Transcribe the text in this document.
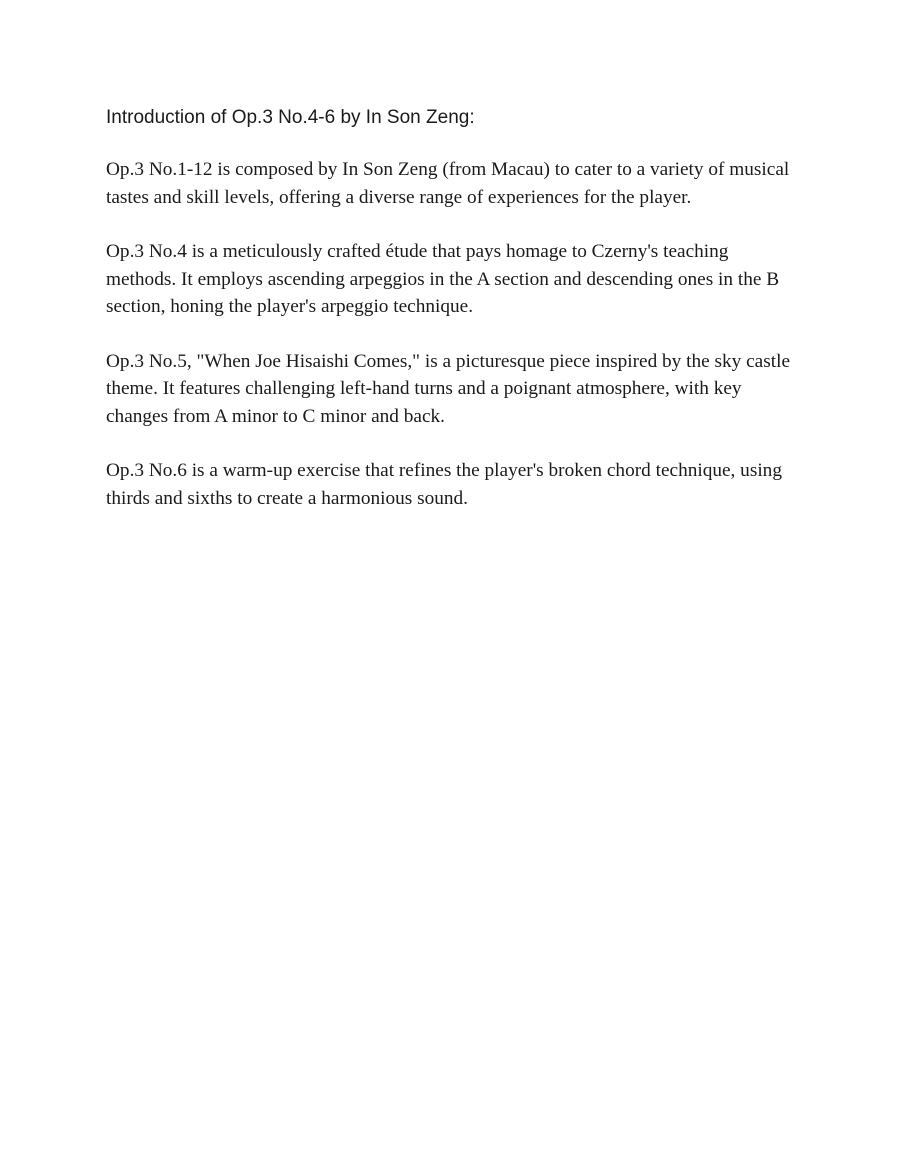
Introduction of Op.3 No.4-6 by In Son Zeng:

Op.3 No.1-12 is composed by In Son Zeng (from Macau) to cater to a variety of musical tastes and skill levels, offering a diverse range of experiences for the player.

Op.3 No.4 is a meticulously crafted étude that pays homage to Czerny's teaching methods. It employs ascending arpeggios in the A section and descending ones in the B section, honing the player's arpeggio technique.

Op.3 No.5, "When Joe Hisaishi Comes," is a picturesque piece inspired by the sky castle theme. It features challenging left-hand turns and a poignant atmosphere, with key changes from A minor to C minor and back.

Op.3 No.6 is a warm-up exercise that refines the player's broken chord technique, using thirds and sixths to create a harmonious sound.
